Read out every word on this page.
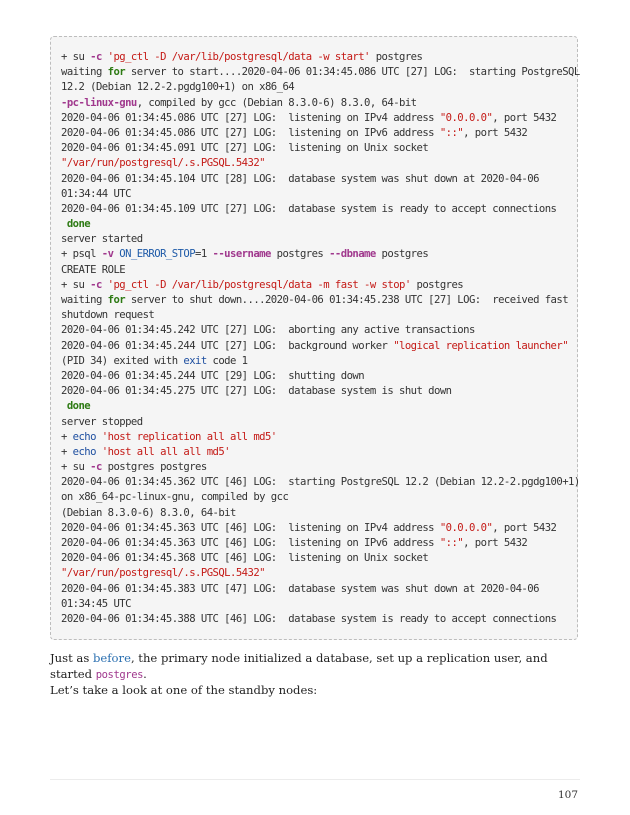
+ su -c 'pg_ctl -D /var/lib/postgresql/data -w start' postgres
waiting for server to start....2020-04-06 01:34:45.086 UTC [27] LOG:  starting PostgreSQL
12.2 (Debian 12.2-2.pgdg100+1) on x86_64
-pc-linux-gnu, compiled by gcc (Debian 8.3.0-6) 8.3.0, 64-bit
2020-04-06 01:34:45.086 UTC [27] LOG:  listening on IPv4 address "0.0.0.0", port 5432
2020-04-06 01:34:45.086 UTC [27] LOG:  listening on IPv6 address "::", port 5432
2020-04-06 01:34:45.091 UTC [27] LOG:  listening on Unix socket
"/var/run/postgresql/.s.PGSQL.5432"
2020-04-06 01:34:45.104 UTC [28] LOG:  database system was shut down at 2020-04-06
01:34:44 UTC
2020-04-06 01:34:45.109 UTC [27] LOG:  database system is ready to accept connections
done
server started
+ psql -v ON_ERROR_STOP=1 --username postgres --dbname postgres
CREATE ROLE
+ su -c 'pg_ctl -D /var/lib/postgresql/data -m fast -w stop' postgres
waiting for server to shut down....2020-04-06 01:34:45.238 UTC [27] LOG:  received fast
shutdown request
2020-04-06 01:34:45.242 UTC [27] LOG:  aborting any active transactions
2020-04-06 01:34:45.244 UTC [27] LOG:  background worker "logical replication launcher"
(PID 34) exited with exit code 1
2020-04-06 01:34:45.244 UTC [29] LOG:  shutting down
2020-04-06 01:34:45.275 UTC [27] LOG:  database system is shut down
done
server stopped
+ echo 'host replication all all md5'
+ echo 'host all all all md5'
+ su -c postgres postgres
2020-04-06 01:34:45.362 UTC [46] LOG:  starting PostgreSQL 12.2 (Debian 12.2-2.pgdg100+1)
on x86_64-pc-linux-gnu, compiled by gcc
(Debian 8.3.0-6) 8.3.0, 64-bit
2020-04-06 01:34:45.363 UTC [46] LOG:  listening on IPv4 address "0.0.0.0", port 5432
2020-04-06 01:34:45.363 UTC [46] LOG:  listening on IPv6 address "::", port 5432
2020-04-06 01:34:45.368 UTC [46] LOG:  listening on Unix socket
"/var/run/postgresql/.s.PGSQL.5432"
2020-04-06 01:34:45.383 UTC [47] LOG:  database system was shut down at 2020-04-06
01:34:45 UTC
2020-04-06 01:34:45.388 UTC [46] LOG:  database system is ready to accept connections

Just as before, the primary node initialized a database, set up a replication user, and started postgres.

Let’s take a look at one of the standby nodes:

107
